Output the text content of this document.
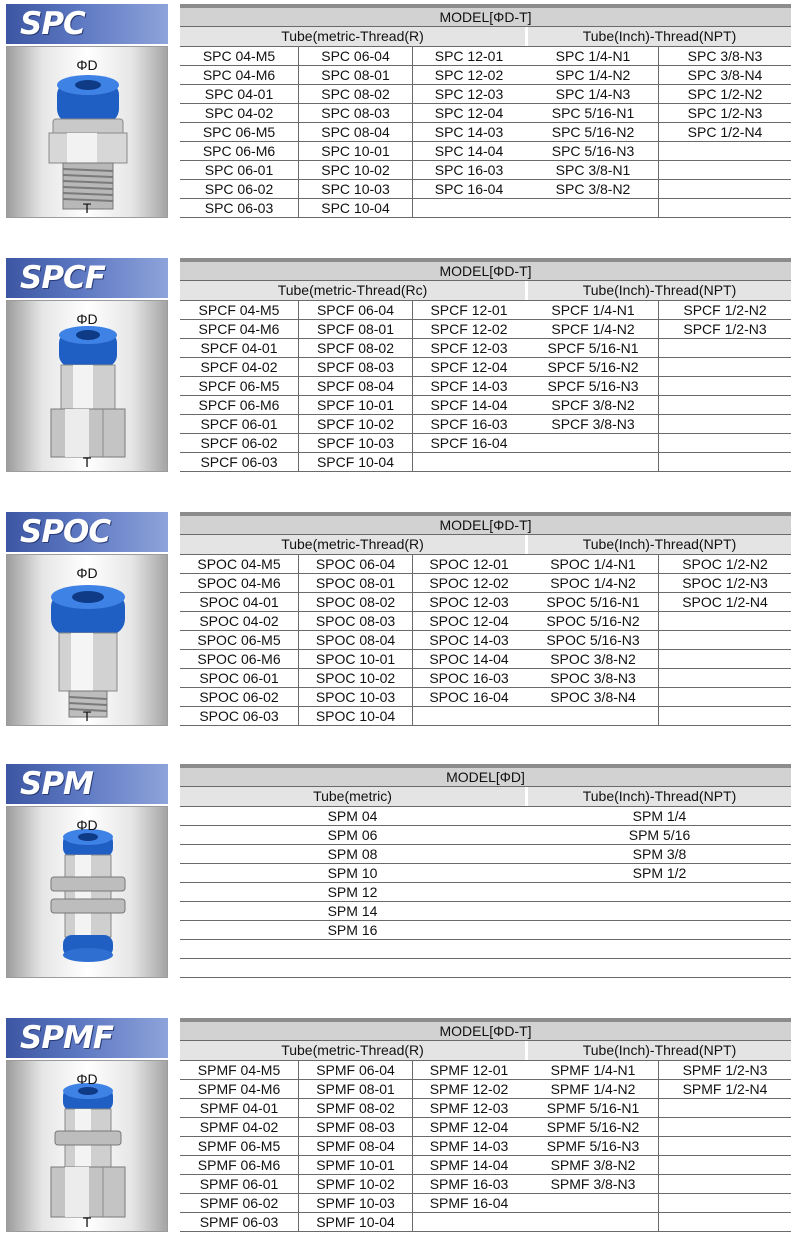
SPC
ΦD
T
MODEL[ΦD-T]
Tube(metric-Thread(R)	Tube(Inch)-Thread(NPT)
SPC 04-M5	SPC 06-04	SPC 12-01	SPC 1/4-N1	SPC 3/8-N3
SPC 04-M6	SPC 08-01	SPC 12-02	SPC 1/4-N2	SPC 3/8-N4
SPC 04-01	SPC 08-02	SPC 12-03	SPC 1/4-N3	SPC 1/2-N2
SPC 04-02	SPC 08-03	SPC 12-04	SPC 5/16-N1	SPC 1/2-N3
SPC 06-M5	SPC 08-04	SPC 14-03	SPC 5/16-N2	SPC 1/2-N4
SPC 06-M6	SPC 10-01	SPC 14-04	SPC 5/16-N3
SPC 06-01	SPC 10-02	SPC 16-03	SPC 3/8-N1
SPC 06-02	SPC 10-03	SPC 16-04	SPC 3/8-N2
SPC 06-03	SPC 10-04
SPCF
ΦD
T
MODEL[ΦD-T]
Tube(metric-Thread(Rc)	Tube(Inch)-Thread(NPT)
SPCF 04-M5	SPCF 06-04	SPCF 12-01	SPCF 1/4-N1	SPCF 1/2-N2
SPCF 04-M6	SPCF 08-01	SPCF 12-02	SPCF 1/4-N2	SPCF 1/2-N3
SPCF 04-01	SPCF 08-02	SPCF 12-03	SPCF 5/16-N1
SPCF 04-02	SPCF 08-03	SPCF 12-04	SPCF 5/16-N2
SPCF 06-M5	SPCF 08-04	SPCF 14-03	SPCF 5/16-N3
SPCF 06-M6	SPCF 10-01	SPCF 14-04	SPCF 3/8-N2
SPCF 06-01	SPCF 10-02	SPCF 16-03	SPCF 3/8-N3
SPCF 06-02	SPCF 10-03	SPCF 16-04
SPCF 06-03	SPCF 10-04
SPOC
ΦD
T
MODEL[ΦD-T]
Tube(metric-Thread(R)	Tube(Inch)-Thread(NPT)
SPOC 04-M5	SPOC 06-04	SPOC 12-01	SPOC 1/4-N1	SPOC 1/2-N2
SPOC 04-M6	SPOC 08-01	SPOC 12-02	SPOC 1/4-N2	SPOC 1/2-N3
SPOC 04-01	SPOC 08-02	SPOC 12-03	SPOC 5/16-N1	SPOC 1/2-N4
SPOC 04-02	SPOC 08-03	SPOC 12-04	SPOC 5/16-N2
SPOC 06-M5	SPOC 08-04	SPOC 14-03	SPOC 5/16-N3
SPOC 06-M6	SPOC 10-01	SPOC 14-04	SPOC 3/8-N2
SPOC 06-01	SPOC 10-02	SPOC 16-03	SPOC 3/8-N3
SPOC 06-02	SPOC 10-03	SPOC 16-04	SPOC 3/8-N4
SPOC 06-03	SPOC 10-04
SPM
ΦD
MODEL[ΦD]
Tube(metric)	Tube(Inch)-Thread(NPT)
SPM 04	SPM 1/4
SPM 06	SPM 5/16
SPM 08	SPM 3/8
SPM 10	SPM 1/2
SPM 12
SPM 14
SPM 16
SPMF
ΦD
T
MODEL[ΦD-T]
Tube(metric-Thread(R)	Tube(Inch)-Thread(NPT)
SPMF 04-M5	SPMF 06-04	SPMF 12-01	SPMF 1/4-N1	SPMF 1/2-N3
SPMF 04-M6	SPMF 08-01	SPMF 12-02	SPMF 1/4-N2	SPMF 1/2-N4
SPMF 04-01	SPMF 08-02	SPMF 12-03	SPMF 5/16-N1
SPMF 04-02	SPMF 08-03	SPMF 12-04	SPMF 5/16-N2
SPMF 06-M5	SPMF 08-04	SPMF 14-03	SPMF 5/16-N3
SPMF 06-M6	SPMF 10-01	SPMF 14-04	SPMF 3/8-N2
SPMF 06-01	SPMF 10-02	SPMF 16-03	SPMF 3/8-N3
SPMF 06-02	SPMF 10-03	SPMF 16-04
SPMF 06-03	SPMF 10-04
